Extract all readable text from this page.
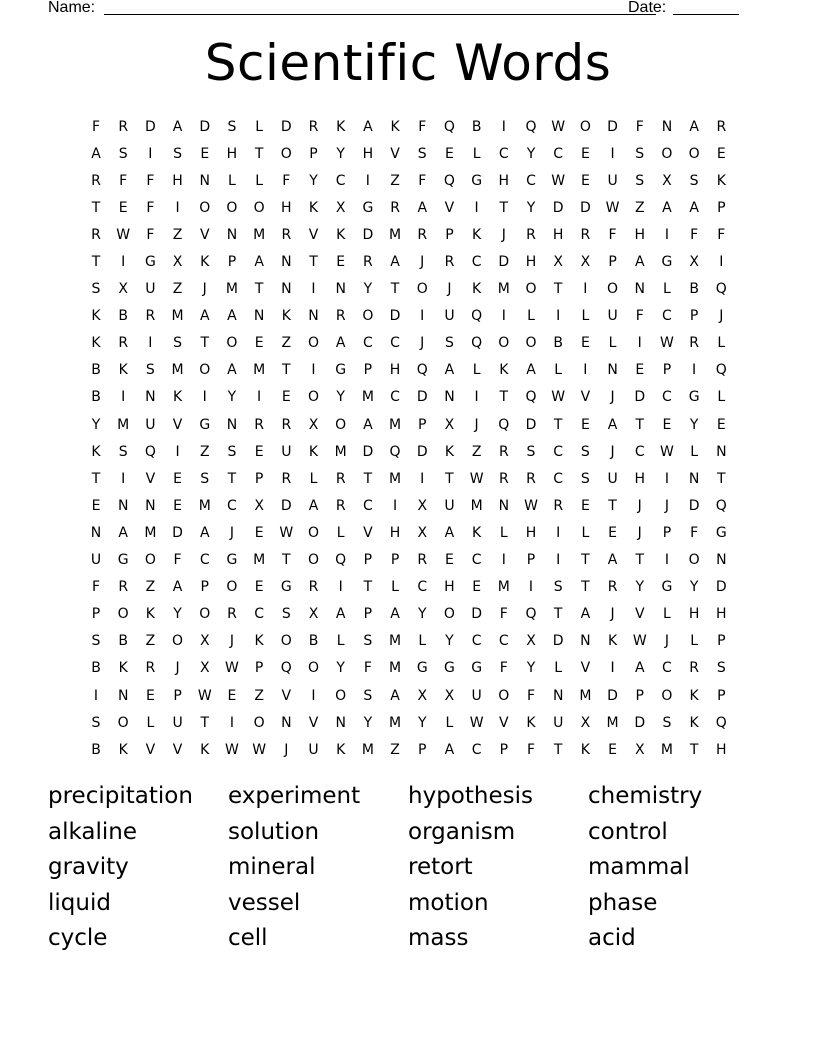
Name:	Date:
Scientific Words
F	R D	A	D	S	L	D R	K	A	K	F	Q B	I	Q W O D	F	N	A	R
A	S	I	S	E	H	T	O	P	Y	H	V	S	E	L	C	Y	C	E	I	S	O O	E
R	F	F	H N	L	L	F	Y	C	I	Z	F	Q G H C W	E	U	S	X	S	K
T	E	F	I	O O O H	K	X	G R	A	V	I	T	Y	D D W	Z	A	A	P
R W	F	Z	V	N M R	V	K	D M R	P	K	J	R H R	F	H	I	F	F
T	I	G	X	K	P	A	N	T	E	R	A	J	R C D H	X	X	P	A	G	X	I
S	X	U	Z	J	M	T	N	I	N	Y	T	O	J	K	M O	T	I	O N	L	B	Q
K	B	R M	A	A	N	K	N R O D	I	U Q	I	L	I	L	U	F	C	P	J
K	R	I	S	T	O	E	Z	O	A	C C	J	S	Q O O B	E	L	I	W R	L
B	K	S	M O	A	M	T	I	G	P	H Q	A	L	K	A	L	I	N	E	P	I	Q
B	I	N	K	I	Y	I	E	O	Y	M C D N	I	T	Q W	V	J	D C G	L
Y	M U	V	G N R R	X	O	A	M	P	X	J	Q D	T	E	A	T	E	Y	E
K	S	Q	I	Z	S	E	U	K	M D Q D	K	Z	R	S	C	S	J	C W	L	N
T	I	V	E	S	T	P	R	L	R	T	M	I	T	W R R C	S	U H	I	N	T
E	N N	E	M C	X	D	A	R C	I	X	U M N W R	E	T	J	J	D Q
N	A	M D	A	J	E	W O	L	V	H	X	A	K	L	H	I	L	E	J	P	F	G
U G O	F	C G M	T	O Q	P	P	R	E	C	I	P	I	T	A	T	I	O N
F	R	Z	A	P	O	E	G R	I	T	L	C H	E	M	I	S	T	R	Y	G	Y	D
P	O	K	Y	O R C	S	X	A	P	A	Y	O D	F	Q	T	A	J	V	L	H H
S	B	Z	O	X	J	K	O B	L	S	M	L	Y	C C	X	D N	K	W	J	L	P
B	K	R	J	X	W	P	Q O	Y	F	M G G G	F	Y	L	V	I	A	C R	S
I	N	E	P	W	E	Z	V	I	O	S	A	X	X	U O	F	N M D	P	O	K	P
S	O	L	U	T	I	O N	V	N	Y	M	Y	L	W	V	K	U	X	M D	S	K	Q
B	K	V	V	K	W W	J	U	K	M	Z	P	A	C	P	F	T	K	E	X	M	T	H
precipitation	experiment	hypothesis	chemistry
alkaline	solution	organism	control
gravity	mineral	retort	mammal
liquid	vessel	motion	phase
cycle	cell	mass	acid
